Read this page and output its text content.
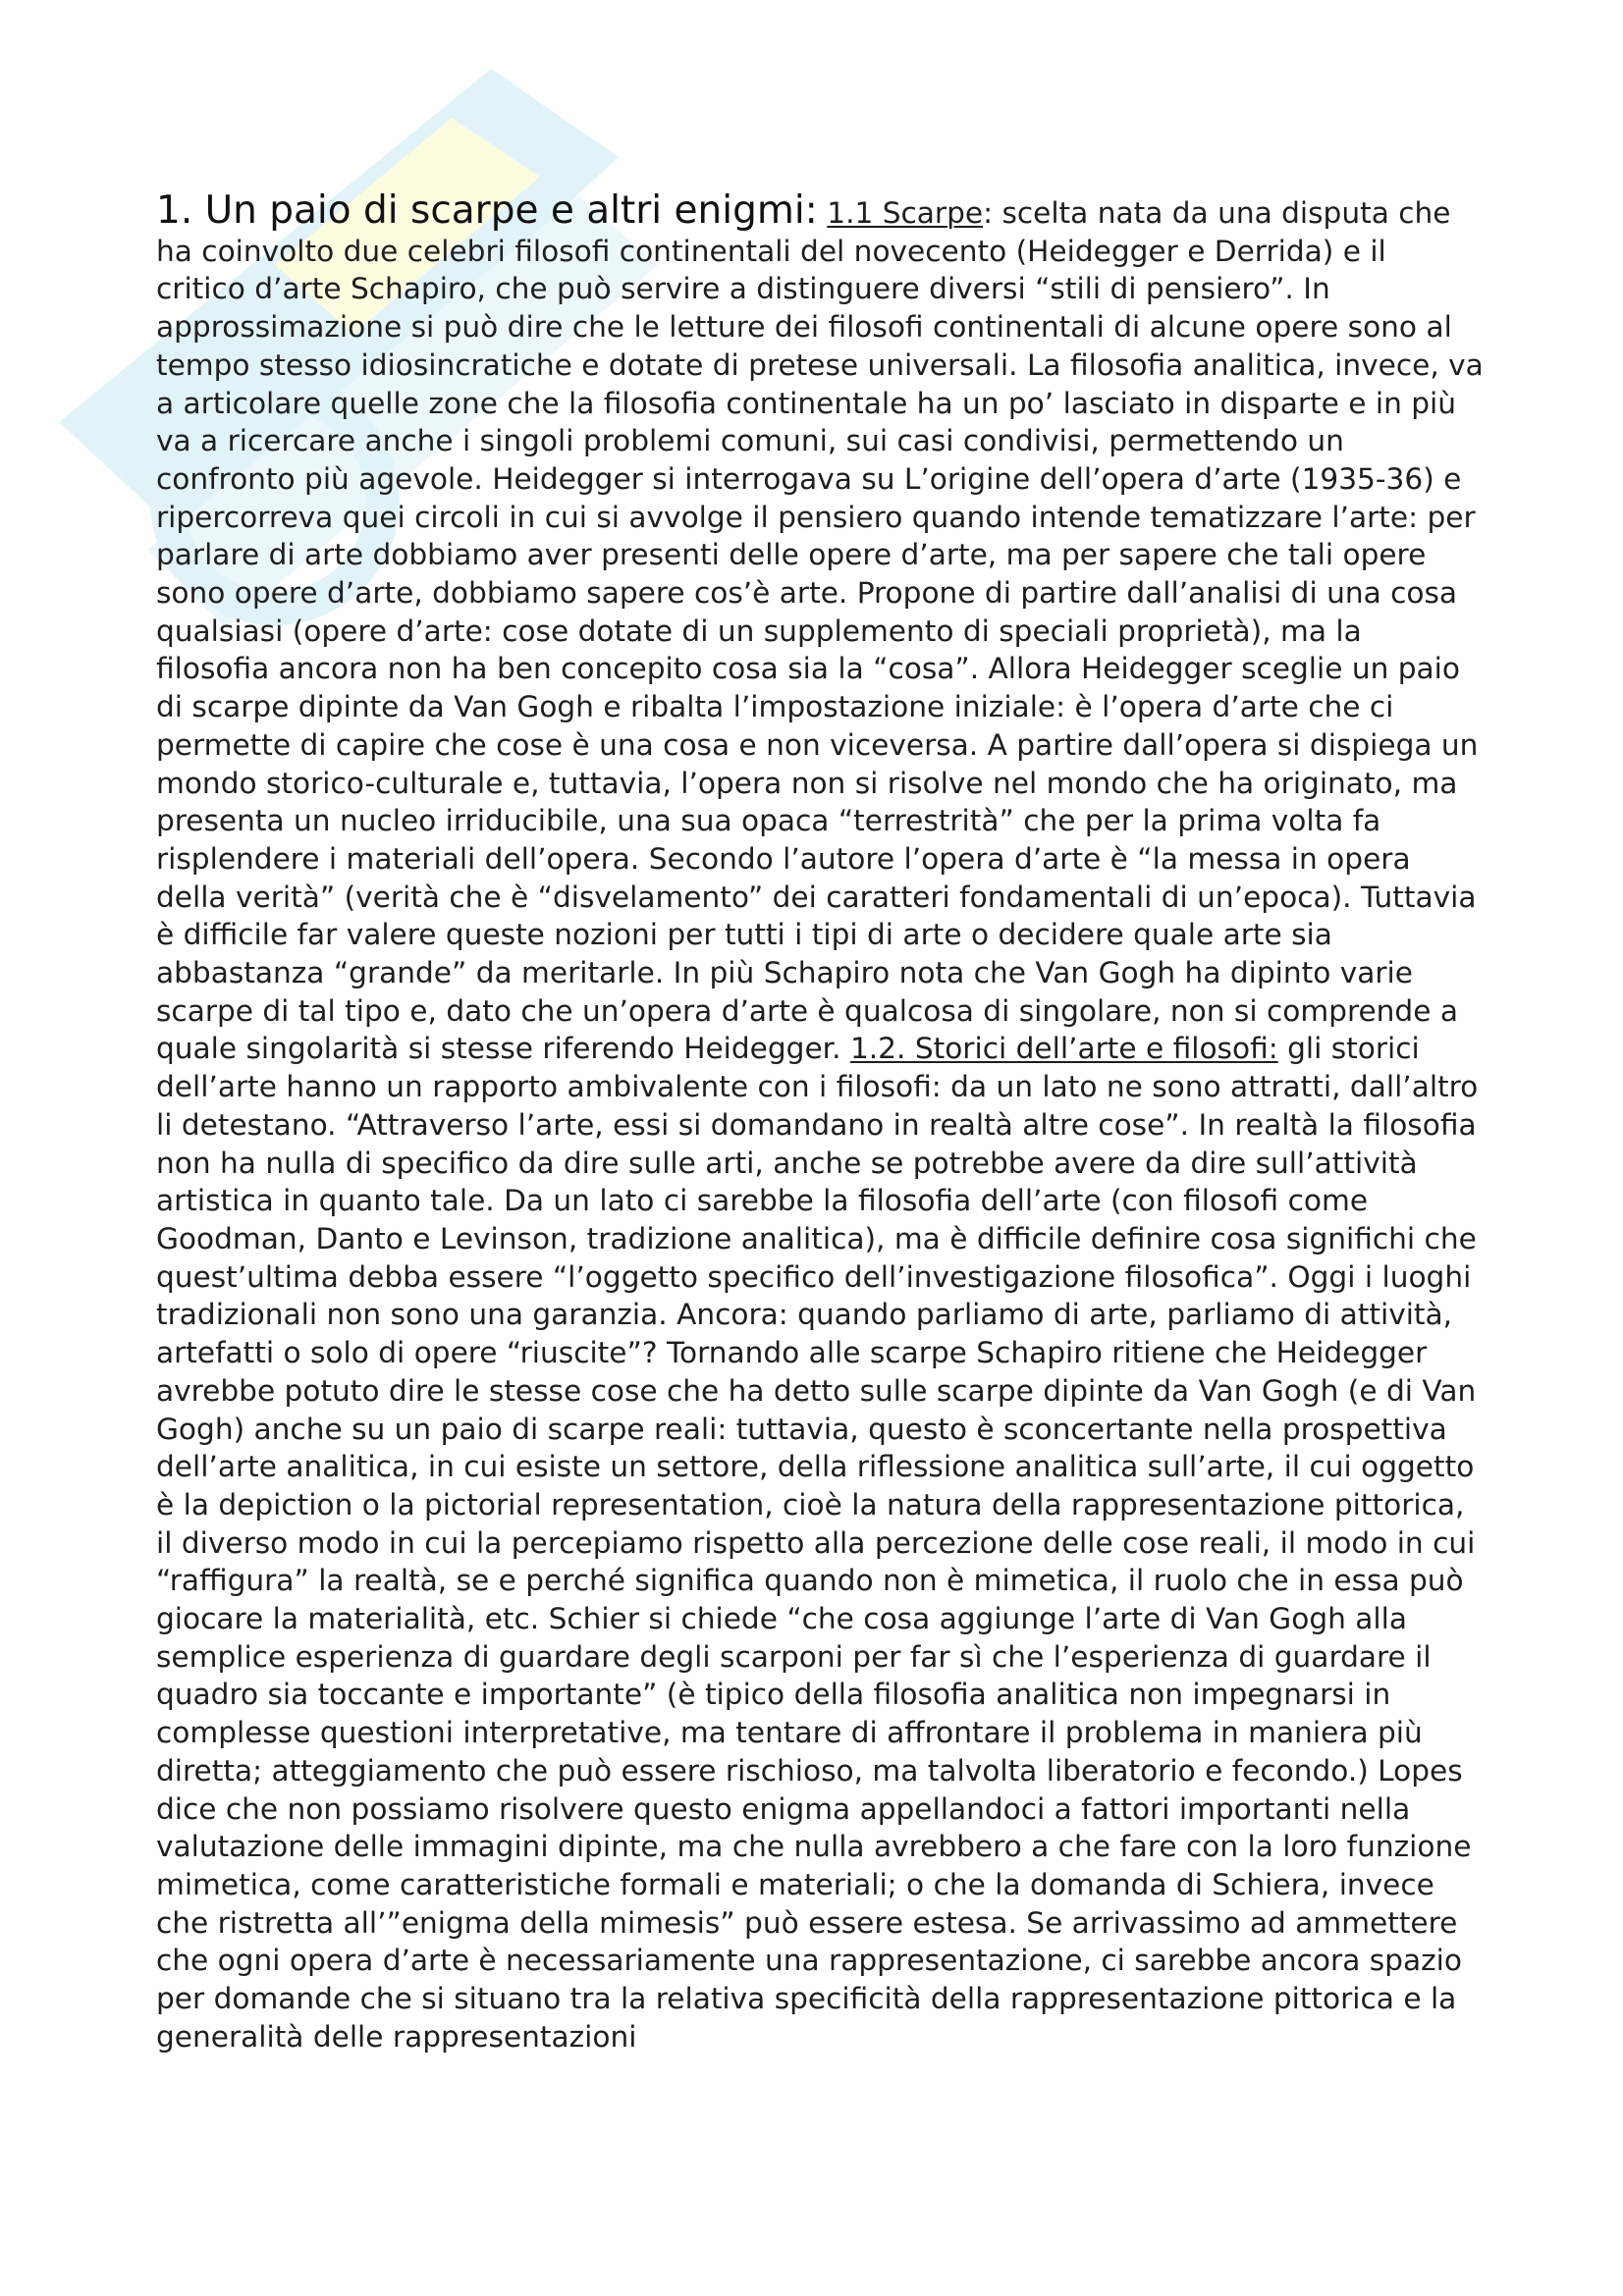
1. Un paio di scarpe e altri enigmi: 1.1 Scarpe: scelta nata da una disputa che ha coinvolto due celebri filosofi continentali del novecento (Heidegger e Derrida) e il critico d’arte Schapiro, che può servire a distinguere diversi “stili di pensiero”. In approssimazione si può dire che le letture dei filosofi continentali di alcune opere sono al tempo stesso idiosincratiche e dotate di pretese universali. La filosofia analitica, invece, va a articolare quelle zone che la filosofia continentale ha un po’ lasciato in disparte e in più va a ricercare anche i singoli problemi comuni, sui casi condivisi, permettendo un confronto più agevole. Heidegger si interrogava su L’origine dell’opera d’arte (1935-36) e ripercorreva quei circoli in cui si avvolge il pensiero quando intende tematizzare l’arte: per parlare di arte dobbiamo aver presenti delle opere d’arte, ma per sapere che tali opere sono opere d’arte, dobbiamo sapere cos’è arte. Propone di partire dall’analisi di una cosa qualsiasi (opere d’arte: cose dotate di un supplemento di speciali proprietà), ma la filosofia ancora non ha ben concepito cosa sia la “cosa”. Allora Heidegger sceglie un paio di scarpe dipinte da Van Gogh e ribalta l’impostazione iniziale: è l’opera d’arte che ci permette di capire che cose è una cosa e non viceversa. A partire dall’opera si dispiega un mondo storico-culturale e, tuttavia, l’opera non si risolve nel mondo che ha originato, ma presenta un nucleo irriducibile, una sua opaca “terrestrità” che per la prima volta fa risplendere i materiali dell’opera. Secondo l’autore l’opera d’arte è “la messa in opera della verità” (verità che è “disvelamento” dei caratteri fondamentali di un’epoca). Tuttavia è difficile far valere queste nozioni per tutti i tipi di arte o decidere quale arte sia abbastanza “grande” da meritarle. In più Schapiro nota che Van Gogh ha dipinto varie scarpe di tal tipo e, dato che un’opera d’arte è qualcosa di singolare, non si comprende a quale singolarità si stesse riferendo Heidegger. 1.2. Storici dell’arte e filosofi: gli storici dell’arte hanno un rapporto ambivalente con i filosofi: da un lato ne sono attratti, dall’altro li detestano. “Attraverso l’arte, essi si domandano in realtà altre cose”. In realtà la filosofia non ha nulla di specifico da dire sulle arti, anche se potrebbe avere da dire sull’attività artistica in quanto tale. Da un lato ci sarebbe la filosofia dell’arte (con filosofi come Goodman, Danto e Levinson, tradizione analitica), ma è difficile definire cosa significhi che quest’ultima debba essere “l’oggetto specifico dell’investigazione filosofica”. Oggi i luoghi tradizionali non sono una garanzia. Ancora: quando parliamo di arte, parliamo di attività, artefatti o solo di opere “riuscite”? Tornando alle scarpe Schapiro ritiene che Heidegger avrebbe potuto dire le stesse cose che ha detto sulle scarpe dipinte da Van Gogh (e di Van Gogh) anche su un paio di scarpe reali: tuttavia, questo è sconcertante nella prospettiva dell’arte analitica, in cui esiste un settore, della riflessione analitica sull’arte, il cui oggetto è la depiction o la pictorial representation, cioè la natura della rappresentazione pittorica, il diverso modo in cui la percepiamo rispetto alla percezione delle cose reali, il modo in cui “raffigura” la realtà, se e perché significa quando non è mimetica, il ruolo che in essa può giocare la materialità, etc. Schier si chiede “che cosa aggiunge l’arte di Van Gogh alla semplice esperienza di guardare degli scarponi per far sì che l’esperienza di guardare il quadro sia toccante e importante” (è tipico della filosofia analitica non impegnarsi in complesse questioni interpretative, ma tentare di affrontare il problema in maniera più diretta; atteggiamento che può essere rischioso, ma talvolta liberatorio e fecondo.) Lopes dice che non possiamo risolvere questo enigma appellandoci a fattori importanti nella valutazione delle immagini dipinte, ma che nulla avrebbero a che fare con la loro funzione mimetica, come caratteristiche formali e materiali; o che la domanda di Schiera, invece che ristretta all’”enigma della mimesis” può essere estesa. Se arrivassimo ad ammettere che ogni opera d’arte è necessariamente una rappresentazione, ci sarebbe ancora spazio per domande che si situano tra la relativa specificità della rappresentazione pittorica e la generalità delle rappresentazioni
